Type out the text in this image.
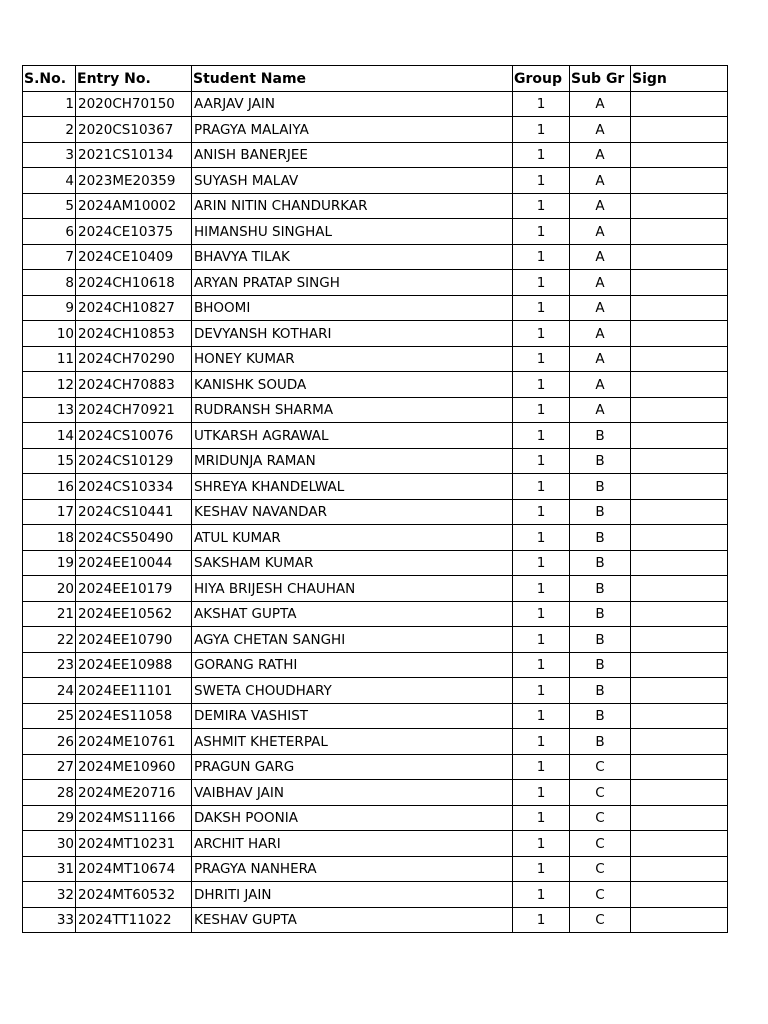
S.No.	Entry No.	Student Name	Group	Sub Gr	Sign
1	2020CH70150	AARJAV JAIN	1	A	
2	2020CS10367	PRAGYA MALAIYA	1	A	
3	2021CS10134	ANISH BANERJEE	1	A	
4	2023ME20359	SUYASH MALAV	1	A	
5	2024AM10002	ARIN NITIN CHANDURKAR	1	A	
6	2024CE10375	HIMANSHU SINGHAL	1	A	
7	2024CE10409	BHAVYA TILAK	1	A	
8	2024CH10618	ARYAN PRATAP SINGH	1	A	
9	2024CH10827	BHOOMI	1	A	
10	2024CH10853	DEVYANSH KOTHARI	1	A	
11	2024CH70290	HONEY KUMAR	1	A	
12	2024CH70883	KANISHK SOUDA	1	A	
13	2024CH70921	RUDRANSH SHARMA	1	A	
14	2024CS10076	UTKARSH AGRAWAL	1	B	
15	2024CS10129	MRIDUNJA RAMAN	1	B	
16	2024CS10334	SHREYA KHANDELWAL	1	B	
17	2024CS10441	KESHAV NAVANDAR	1	B	
18	2024CS50490	ATUL KUMAR	1	B	
19	2024EE10044	SAKSHAM KUMAR	1	B	
20	2024EE10179	HIYA BRIJESH CHAUHAN	1	B	
21	2024EE10562	AKSHAT GUPTA	1	B	
22	2024EE10790	AGYA CHETAN SANGHI	1	B	
23	2024EE10988	GORANG RATHI	1	B	
24	2024EE11101	SWETA CHOUDHARY	1	B	
25	2024ES11058	DEMIRA VASHIST	1	B	
26	2024ME10761	ASHMIT KHETERPAL	1	B	
27	2024ME10960	PRAGUN GARG	1	C	
28	2024ME20716	VAIBHAV JAIN	1	C	
29	2024MS11166	DAKSH POONIA	1	C	
30	2024MT10231	ARCHIT HARI	1	C	
31	2024MT10674	PRAGYA NANHERA	1	C	
32	2024MT60532	DHRITI JAIN	1	C	
33	2024TT11022	KESHAV GUPTA	1	C	
